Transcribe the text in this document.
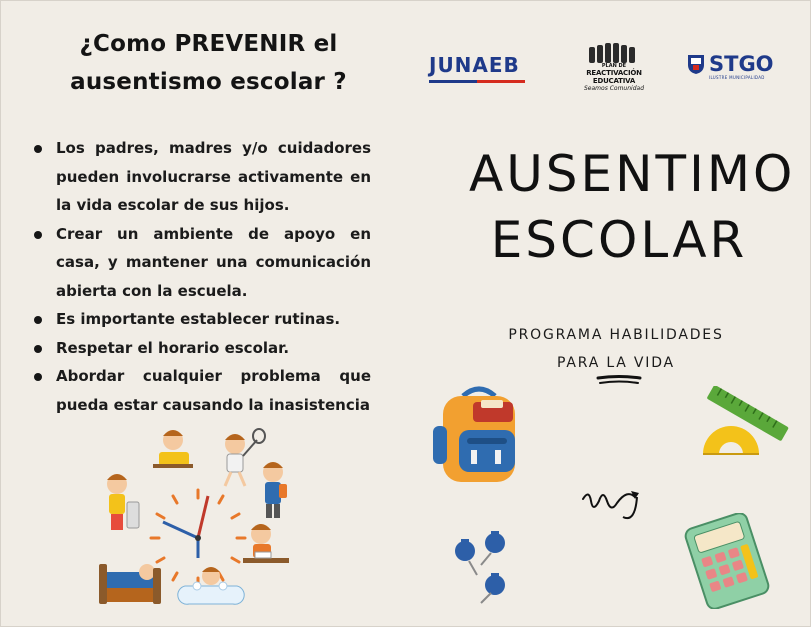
¿Como PREVENIR el ausentismo escolar ?
Los padres, madres y/o cuidadores pueden involucrarse activamente en la vida escolar de sus hijos.
Crear un ambiente de apoyo en casa, y mantener una comunicación abierta con la escuela.
Es importante establecer rutinas.
Respetar el horario escolar.
Abordar cualquier problema que pueda estar causando la inasistencia
JUNAEB	PLAN DE
REACTIVACIÓN
EDUCATIVA
Seamos Comunidad
STGO
ILUSTRE MUNICIPALIDAD
AUSENTIMO
ESCOLAR
PROGRAMA HABILIDADES
PARA LA VIDA
